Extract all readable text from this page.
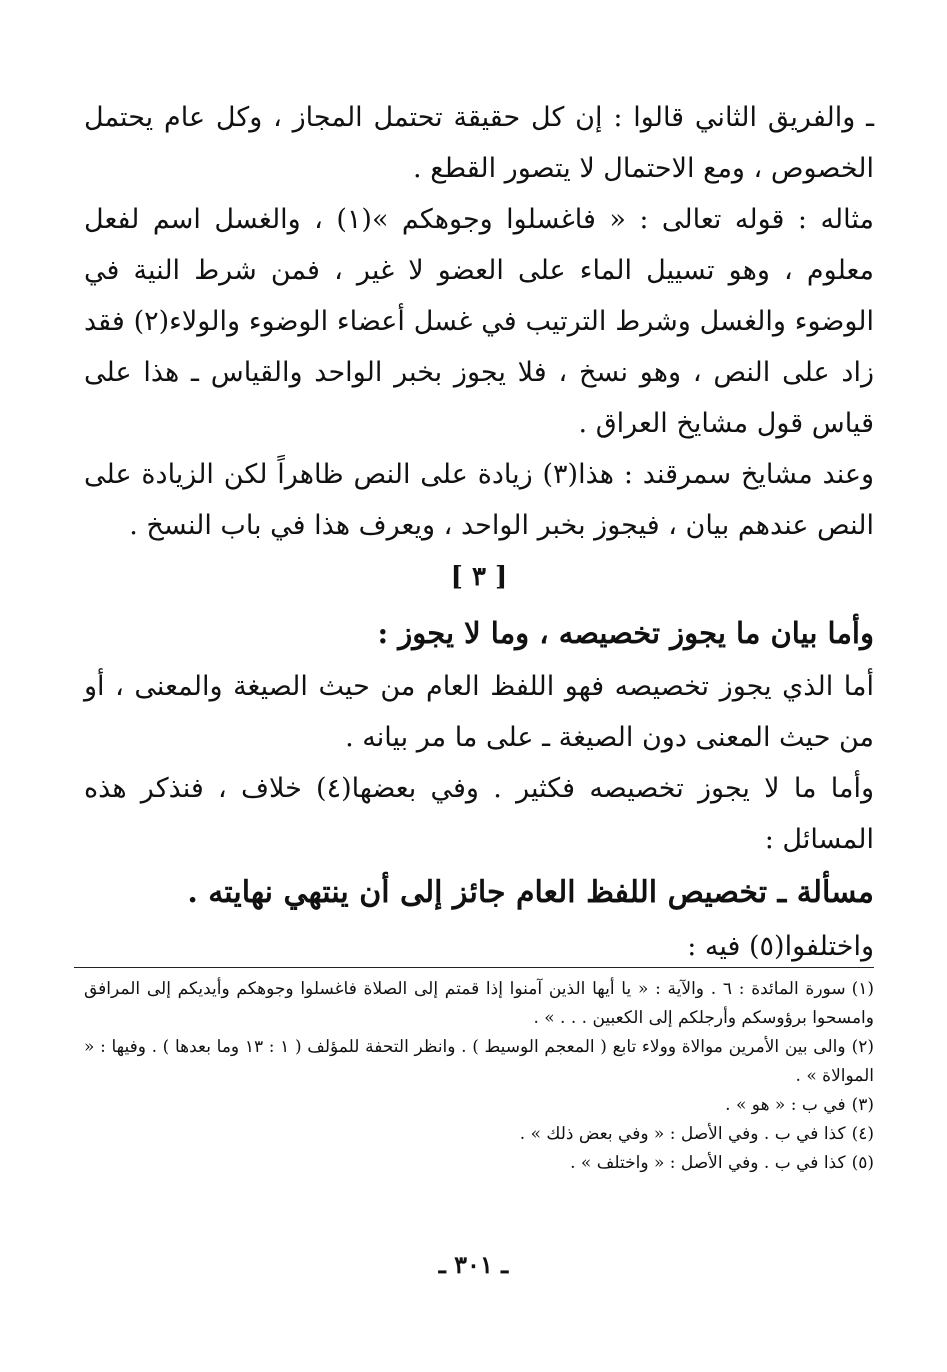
ـ والفريق الثاني قالوا : إن كل حقيقة تحتمل المجاز ، وكل عام يحتمل الخصوص ، ومع الاحتمال لا يتصور القطع .

مثاله : قوله تعالى : « فاغسلوا وجوهكم »(١) ، والغسل اسم لفعل معلوم ، وهو تسييل الماء على العضو لا غير ، فمن شرط النية في الوضوء والغسل وشرط الترتيب في غسل أعضاء الوضوء والولاء(٢) فقد زاد على النص ، وهو نسخ ، فلا يجوز بخبر الواحد والقياس ـ هذا على قياس قول مشايخ العراق .

وعند مشايخ سمرقند : هذا(٣) زيادة على النص ظاهراً لكن الزيادة على النص عندهم بيان ، فيجوز بخبر الواحد ، ويعرف هذا في باب النسخ .

[ ٣ ]

وأما بيان ما يجوز تخصيصه ، وما لا يجوز :

أما الذي يجوز تخصيصه فهو اللفظ العام من حيث الصيغة والمعنى ، أو من حيث المعنى دون الصيغة ـ على ما مر بيانه .

وأما ما لا يجوز تخصيصه فكثير . وفي بعضها(٤) خلاف ، فنذكر هذه المسائل :

مسألة ـ تخصيص اللفظ العام جائز إلى أن ينتهي نهايته .

واختلفوا(٥) فيه :

(١)سورة المائدة : ٦ . والآية : « يا أيها الذين آمنوا إذا قمتم إلى الصلاة فاغسلوا وجوهكم وأيديكم إلى المرافق وامسحوا برؤوسكم وأرجلكم إلى الكعبين . . . » .

(٢)والى بين الأمرين موالاة وولاء تابع ( المعجم الوسيط ) . وانظر التحفة للمؤلف ( ١ : ١٣ وما بعدها ) . وفيها : « الموالاة » .

(٣)في ب : « هو » .

(٤)كذا في ب . وفي الأصل : « وفي بعض ذلك » .

(٥)كذا في ب . وفي الأصل : « واختلف » .

ـ ٣٠١ ـ
